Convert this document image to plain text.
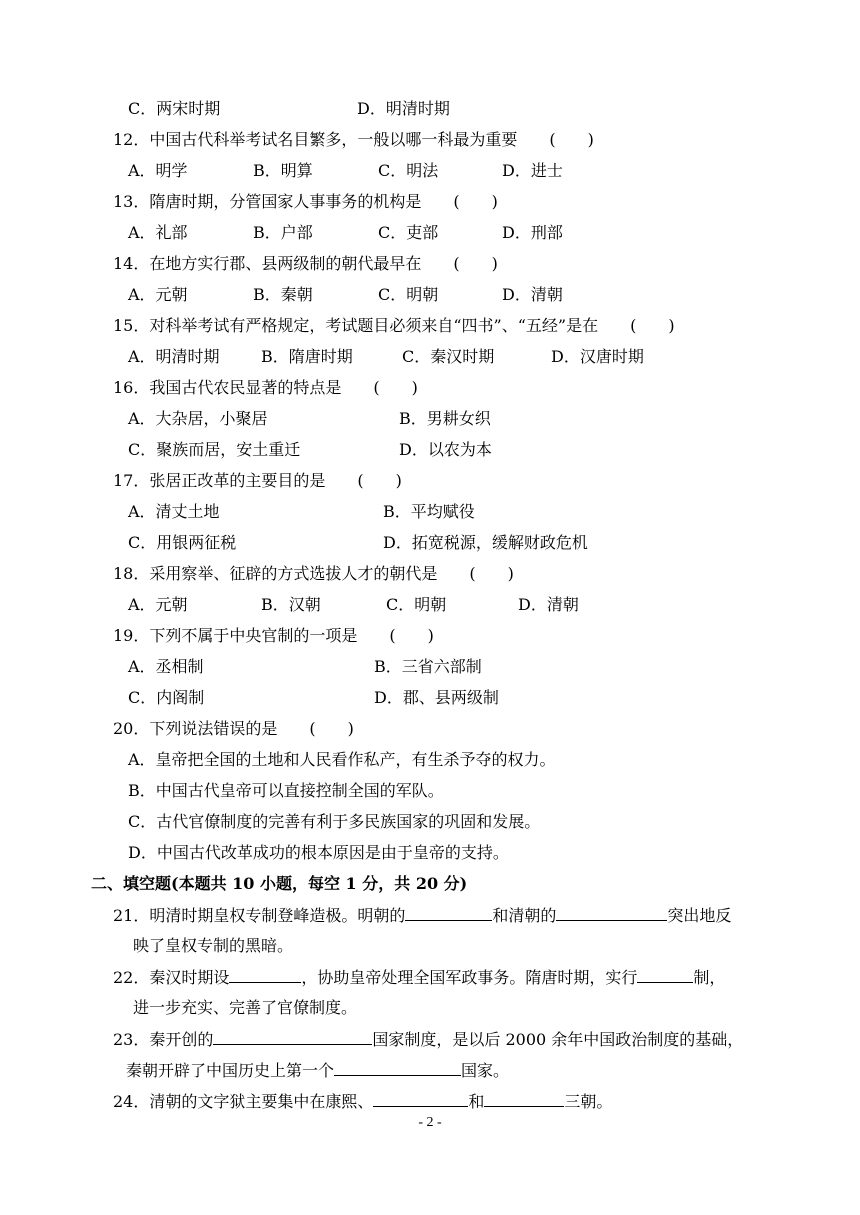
C．两宋时期	D．明清时期
12．中国古代科举考试名目繁多，一般以哪一科最为重要　　(　　)
A．明学	B．明算	C．明法	D．进士
13．隋唐时期，分管国家人事事务的机构是　　(　　)
A．礼部	B．户部	C．吏部	D．刑部
14．在地方实行郡、县两级制的朝代最早在　　(　　)
A．元朝	B．秦朝	C．明朝	D．清朝
15．对科举考试有严格规定，考试题目必须来自“四书”、“五经”是在　　(　　)
A．明清时期	B．隋唐时期	C．秦汉时期	D．汉唐时期
16．我国古代农民显著的特点是　　(　　)
A．大杂居，小聚居	B．男耕女织
C．聚族而居，安土重迁	D．以农为本
17．张居正改革的主要目的是　　(　　)
A．清丈土地	B．平均赋役
C．用银两征税	D．拓宽税源，缓解财政危机
18．采用察举、征辟的方式选拔人才的朝代是　　(　　)
A．元朝	B．汉朝	C．明朝	D．清朝
19．下列不属于中央官制的一项是　　(　　)
A．丞相制	B．三省六部制
C．内阁制	D．郡、县两级制
20．下列说法错误的是　　(　　)
A．皇帝把全国的土地和人民看作私产，有生杀予夺的权力。
B．中国古代皇帝可以直接控制全国的军队。
C．古代官僚制度的完善有利于多民族国家的巩固和发展。
D．中国古代改革成功的根本原因是由于皇帝的支持。
二、填空题(本题共 10 小题，每空 1 分，共 20 分)
21．明清时期皇权专制登峰造极。明朝的	和清朝的	突出地反
映了皇权专制的黑暗。
22．秦汉时期设	，协助皇帝处理全国军政事务。隋唐时期，实行	制，
进一步充实、完善了官僚制度。
23．秦开创的	国家制度，是以后 2000 余年中国政治制度的基础，
秦朝开辟了中国历史上第一个	国家。
24．清朝的文字狱主要集中在康熙、	和	三朝。
- 2 -
